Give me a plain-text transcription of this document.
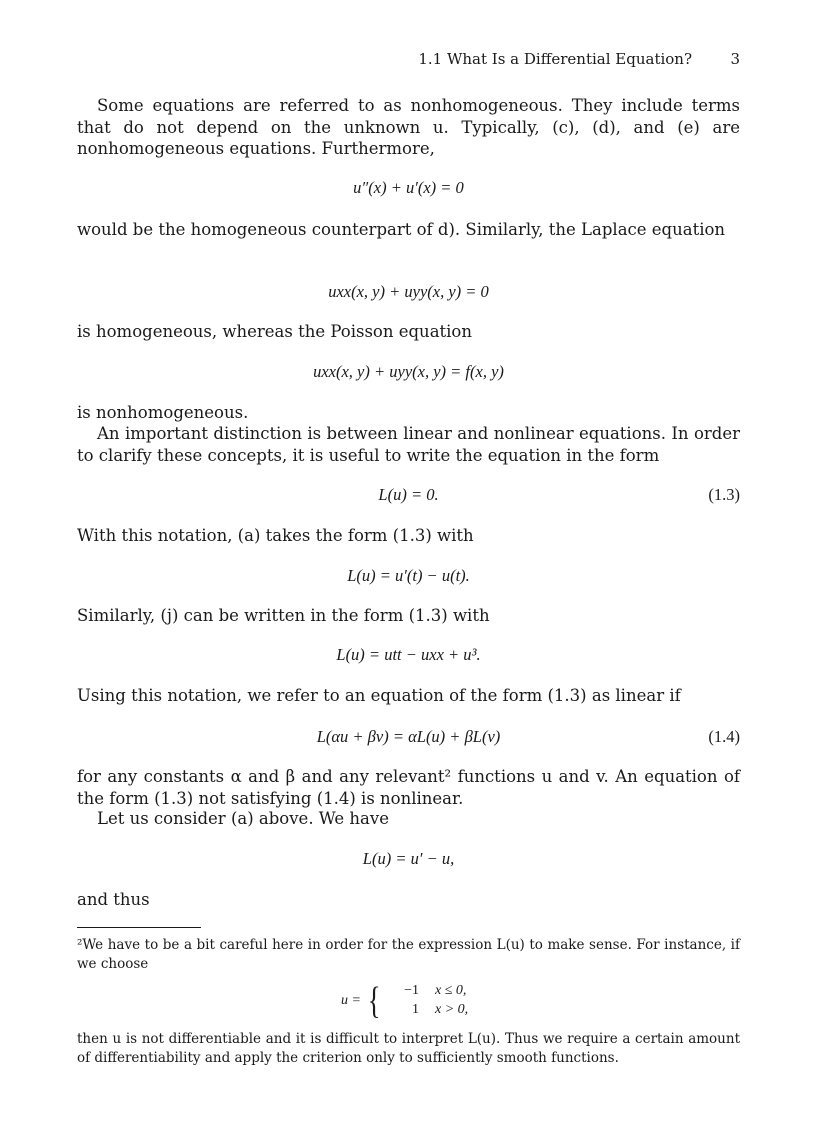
1.1 What Is a Differential Equation?	3
Some equations are referred to as nonhomogeneous. They include terms that do not depend on the unknown u. Typically, (c), (d), and (e) are nonhomogeneous equations. Furthermore,
u″(x) + u′(x) = 0
would be the homogeneous counterpart of d). Similarly, the Laplace equation
uxx(x, y) + uyy(x, y) = 0
is homogeneous, whereas the Poisson equation
uxx(x, y) + uyy(x, y) = f(x, y)
is nonhomogeneous.
An important distinction is between linear and nonlinear equations. In order to clarify these concepts, it is useful to write the equation in the form
L(u) = 0.	(1.3)
With this notation, (a) takes the form (1.3) with
L(u) = u′(t) − u(t).
Similarly, (j) can be written in the form (1.3) with
L(u) = utt − uxx + u³.
Using this notation, we refer to an equation of the form (1.3) as linear if
L(αu + βv) = αL(u) + βL(v)	(1.4)
for any constants α and β and any relevant² functions u and v. An equation of the form (1.3) not satisfying (1.4) is nonlinear.
Let us consider (a) above. We have
L(u) = u′ − u,
and thus
²We have to be a bit careful here in order for the expression L(u) to make sense. For instance, if we choose
u = {	−1 x ≤ 0,
1 x > 0,
then u is not differentiable and it is difficult to interpret L(u). Thus we require a certain amount of differentiability and apply the criterion only to sufficiently smooth functions.
